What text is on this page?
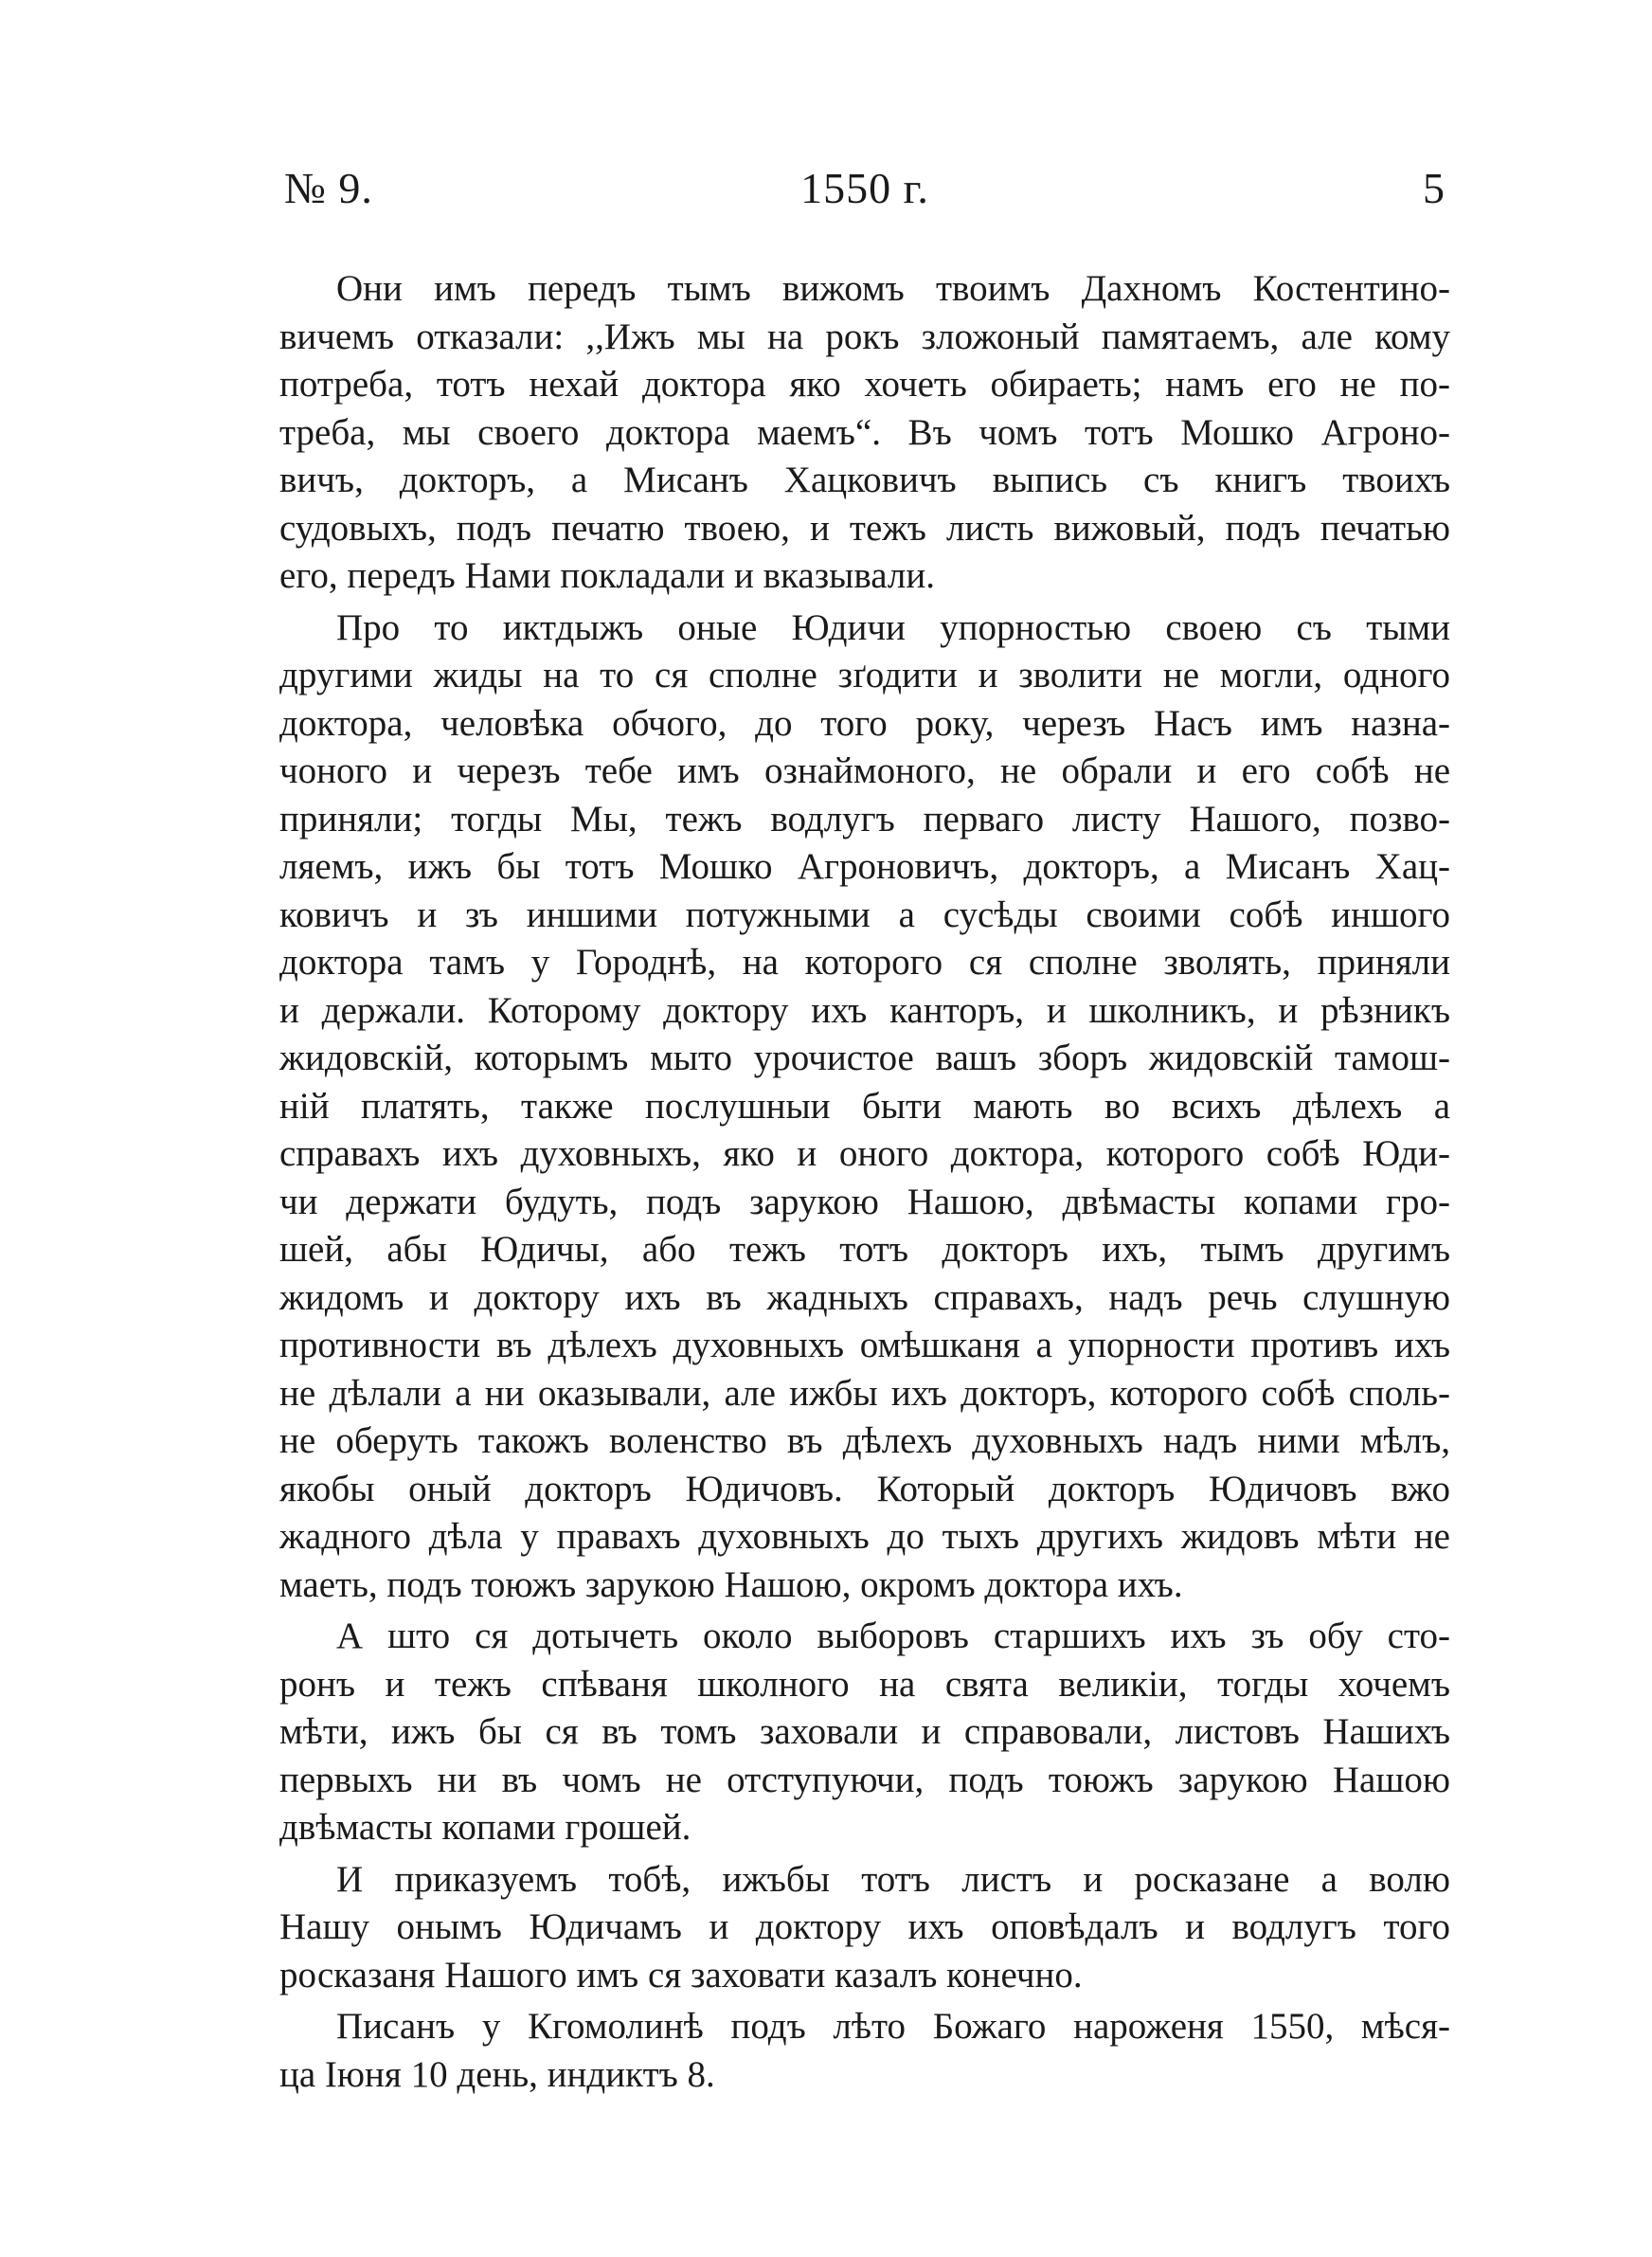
№ 9.	1550 г.	5
Они имъ передъ тымъ вижомъ твоимъ Дахномъ Костентино-
вичемъ отказали: ,,Ижъ мы на рокъ зложоный памятаемъ, але кому
потреба, тотъ нехай доктора яко хочеть обираеть; намъ его не по-
треба, мы своего доктора маемъ“. Въ чомъ тотъ Мошко Агроно-
вичъ, докторъ, а Мисанъ Хацковичъ выпись съ книгъ твоихъ
судовыхъ, подъ печатю твоею, и тежъ листь вижовый, подъ печатью
его, передъ Нами покладали и вказывали.
Про то иктдыжъ оные Юдичи упорностью своею съ тыми
другими жиды на то ся сполне зґодити и зволити не могли, одного
доктора, человѣка обчого, до того року, черезъ Насъ имъ назна-
чоного и черезъ тебе имъ ознаймоного, не обрали и его собѣ не
приняли; тогды Мы, тежъ водлугъ перваго листу Нашого, позво-
ляемъ, ижъ бы тотъ Мошко Агроновичъ, докторъ, а Мисанъ Хац-
ковичъ и зъ иншими потужными а сусѣды своими собѣ иншого
доктора тамъ у Городнѣ, на которого ся сполне зволять, приняли
и держали. Которому доктору ихъ канторъ, и школникъ, и рѣзникъ
жидовскій, которымъ мыто урочистое вашъ зборъ жидовскій тамош-
ній платять, также послушныи быти мають во всихъ дѣлехъ а
справахъ ихъ духовныхъ, яко и оного доктора, которого собѣ Юди-
чи держати будуть, подъ зарукою Нашою, двѣмасты копами гро-
шей, абы Юдичы, або тежъ тотъ докторъ ихъ, тымъ другимъ
жидомъ и доктору ихъ въ жадныхъ справахъ, надъ речь слушную
противности въ дѣлехъ духовныхъ омѣшканя а упорности противъ ихъ
не дѣлали а ни оказывали, але ижбы ихъ докторъ, которого собѣ споль-
не оберуть такожъ воленство въ дѣлехъ духовныхъ надъ ними мѣлъ,
якобы оный докторъ Юдичовъ. Который докторъ Юдичовъ вжо
жадного дѣла у правахъ духовныхъ до тыхъ другихъ жидовъ мѣти не
маеть, подъ тоюжъ зарукою Нашою, окромъ доктора ихъ.
А што ся дотычеть около выборовъ старшихъ ихъ зъ обу сто-
ронъ и тежъ спѣваня школного на свята великіи, тогды хочемъ
мѣти, ижъ бы ся въ томъ заховали и справовали, листовъ Нашихъ
первыхъ ни въ чомъ не отступуючи, подъ тоюжъ зарукою Нашою
двѣмасты копами грошей.
И приказуемъ тобѣ, ижъбы тотъ листъ и росказане а волю
Нашу онымъ Юдичамъ и доктору ихъ оповѣдалъ и водлугъ того
росказаня Нашого имъ ся заховати казалъ конечно.
Писанъ у Кгомолинѣ подъ лѣто Божаго нароженя 1550, мѣся-
ца Іюня 10 день, индиктъ 8.
